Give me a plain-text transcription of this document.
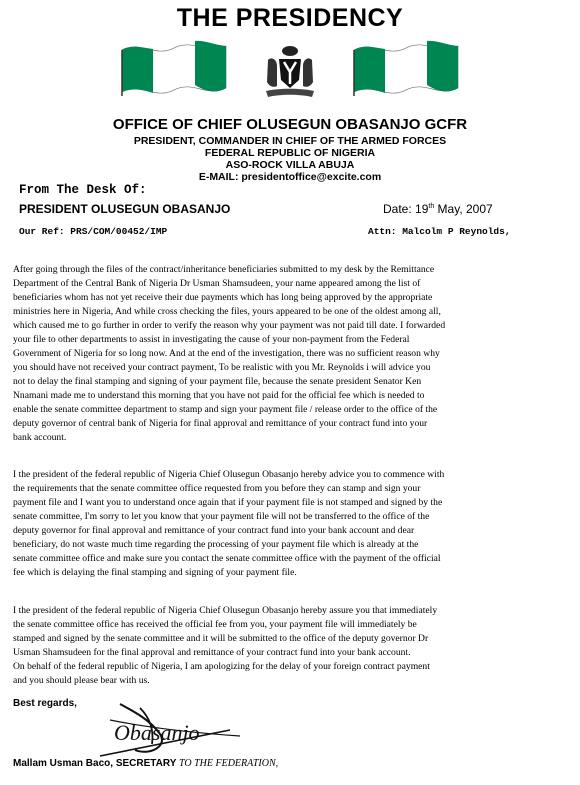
THE PRESIDENCY
OFFICE OF CHIEF OLUSEGUN OBASANJO GCFR
PRESIDENT, COMMANDER IN CHIEF OF THE ARMED FORCES
FEDERAL REPUBLIC OF NIGERIA
ASO-ROCK VILLA ABUJA
E-MAIL: presidentoffice@excite.com
From The Desk Of:
PRESIDENT OLUSEGUN OBASANJO	Date: 19th May, 2007
Our Ref: PRS/COM/00452/IMP	Attn: Malcolm P Reynolds,
After going through the files of the contract/inheritance beneficiaries submitted to my desk by the Remittance
Department of the Central Bank of Nigeria Dr Usman Shamsudeen, your name appeared among the list of
beneficiaries whom has not yet receive their due payments which has long being approved by the appropriate
ministries here in Nigeria, And while cross checking the files, yours appeared to be one of the oldest among all,
which caused me to go further in order to verify the reason why your payment was not paid till date. I forwarded
your file to other departments to assist in investigating the cause of your non-payment from the Federal
Government of Nigeria for so long now. And at the end of the investigation, there was no sufficient reason why
you should have not received your contract payment, To be realistic with you Mr. Reynolds i will advice you
not to delay the final stamping and signing of your payment file, because the senate president Senator Ken
Nnamani made me to understand this morning that you have not paid for the official fee which is needed to
enable the senate committee department to stamp and sign your payment file / release order to the office of the
deputy governor of central bank of Nigeria for final approval and remittance of your contract fund into your
bank account.
I the president of the federal republic of Nigeria Chief Olusegun Obasanjo hereby advice you to commence with
the requirements that the senate committee office requested from you before they can stamp and sign your
payment file and I want you to understand once again that if your payment file is not stamped and signed by the
senate committee, I'm sorry to let you know that your payment file will not be transferred to the office of the
deputy governor for final approval and remittance of your contract fund into your bank account and dear
beneficiary, do not waste much time regarding the processing of your payment file which is already at the
senate committee office and make sure you contact the senate committee office with the payment of the official
fee which is delaying the final stamping and signing of your payment file.
I the president of the federal republic of Nigeria Chief Olusegun Obasanjo hereby assure you that immediately
the senate committee office has received the official fee from you, your payment file will immediately be
stamped and signed by the senate committee and it will be submitted to the office of the deputy governor Dr
Usman Shamsudeen for the final approval and remittance of your contract fund into your bank account.
On behalf of the federal republic of Nigeria, I am apologizing for the delay of your foreign contract payment
and you should please bear with us.
Best regards,
Obasanjo
Mallam Usman Baco, SECRETARY TO THE FEDERATION,
